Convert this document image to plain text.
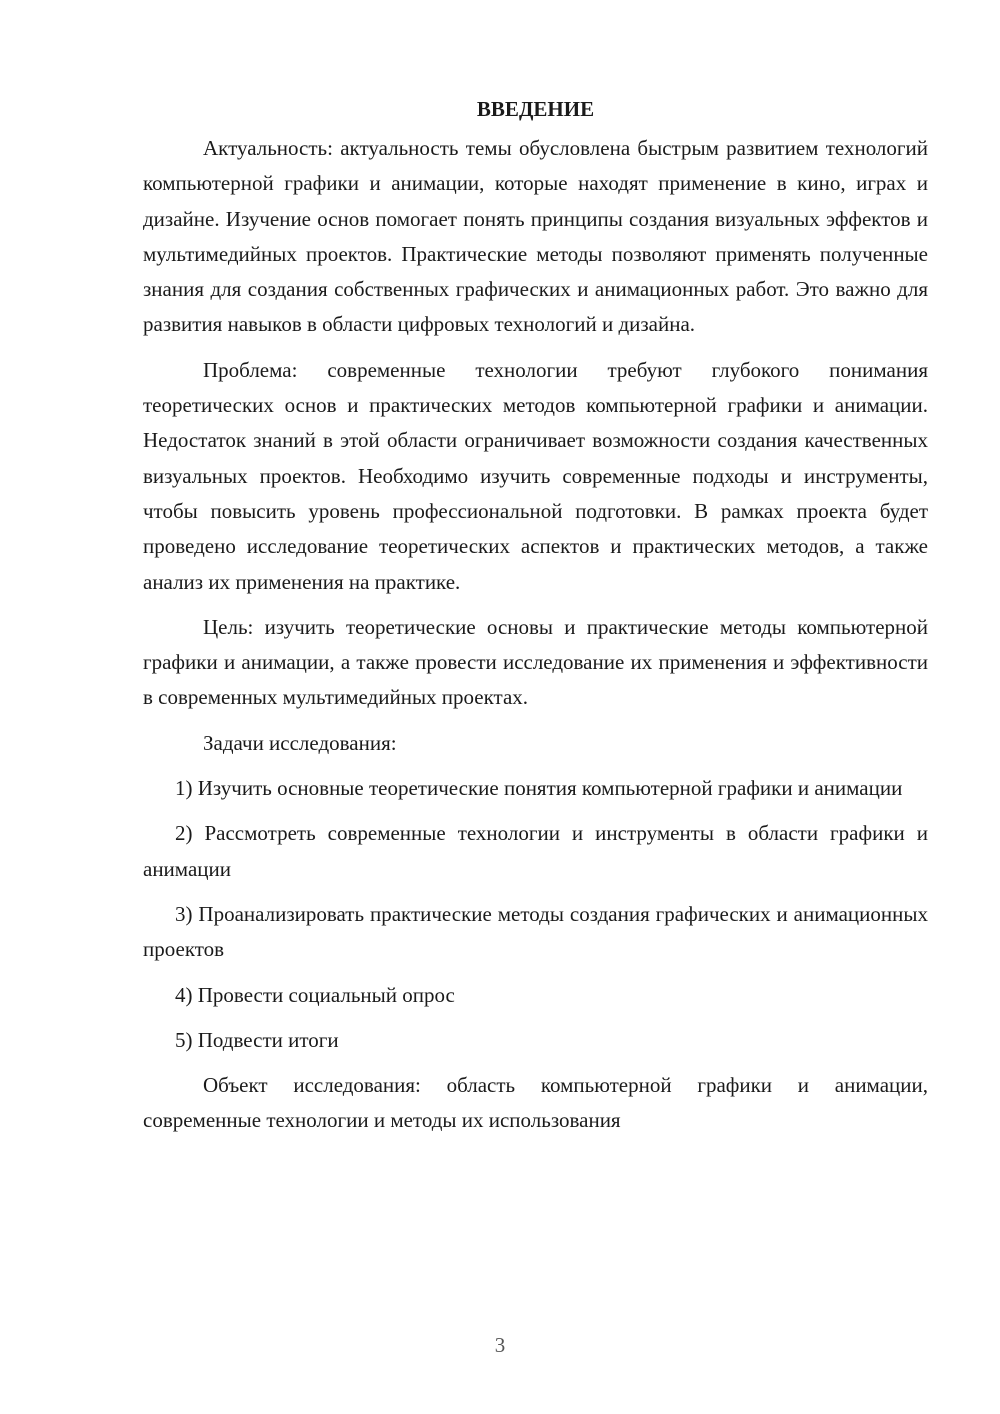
ВВЕДЕНИЕ

Актуальность: актуальность темы обусловлена быстрым развитием технологий компьютерной графики и анимации, которые находят применение в кино, играх и дизайне. Изучение основ помогает понять принципы создания визуальных эффектов и мультимедийных проектов. Практические методы позволяют применять полученные знания для создания собственных графических и анимационных работ. Это важно для развития навыков в области цифровых технологий и дизайна.

Проблема: современные технологии требуют глубокого понимания теоретических основ и практических методов компьютерной графики и анимации. Недостаток знаний в этой области ограничивает возможности создания качественных визуальных проектов. Необходимо изучить современные подходы и инструменты, чтобы повысить уровень профессиональной подготовки. В рамках проекта будет проведено исследование теоретических аспектов и практических методов, а также анализ их применения на практике.

Цель: изучить теоретические основы и практические методы компьютерной графики и анимации, а также провести исследование их применения и эффективности в современных мультимедийных проектах.

Задачи исследования:

1) Изучить основные теоретические понятия компьютерной графики и анимации

2) Рассмотреть современные технологии и инструменты в области графики и анимации

3) Проанализировать практические методы создания графических и анимационных проектов

4) Провести социальный опрос

5) Подвести итоги

Объект исследования: область компьютерной графики и анимации, современные технологии и методы их использования

3
